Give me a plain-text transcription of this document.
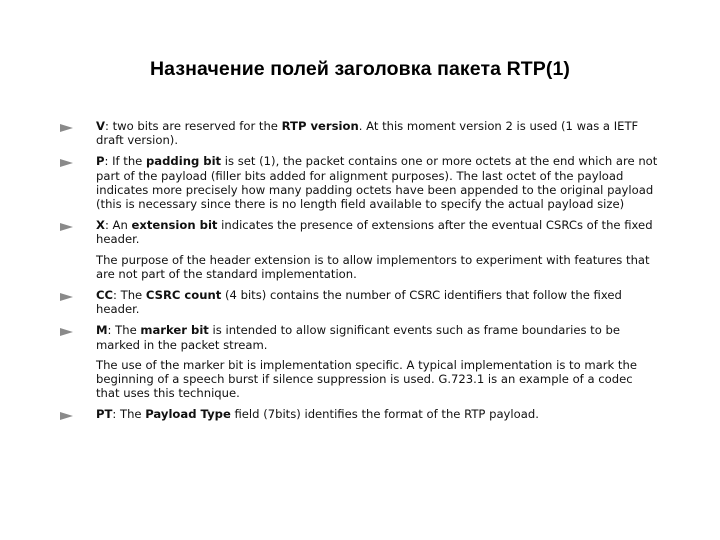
Назначение полей заголовка пакета RTP(1)

V: two bits are reserved for the RTP version. At this moment version 2 is used (1 was a IETF draft version).

P: If the padding bit is set (1), the packet contains one or more octets at the end which are not part of the payload (filler bits added for alignment purposes). The last octet of the payload indicates more precisely how many padding octets have been appended to the original payload (this is necessary since there is no length field available to specify the actual payload size)

X: An extension bit indicates the presence of extensions after the eventual CSRCs of the fixed header.

The purpose of the header extension is to allow implementors to experiment with features that are not part of the standard implementation.

CC: The CSRC count (4 bits) contains the number of CSRC identifiers that follow the fixed header.

M: The marker bit is intended to allow significant events such as frame boundaries to be marked in the packet stream.

The use of the marker bit is implementation specific. A typical implementation is to mark the beginning of a speech burst if silence suppression is used. G.723.1 is an example of a codec that uses this technique.

PT: The Payload Type field (7bits) identifies the format of the RTP payload.
